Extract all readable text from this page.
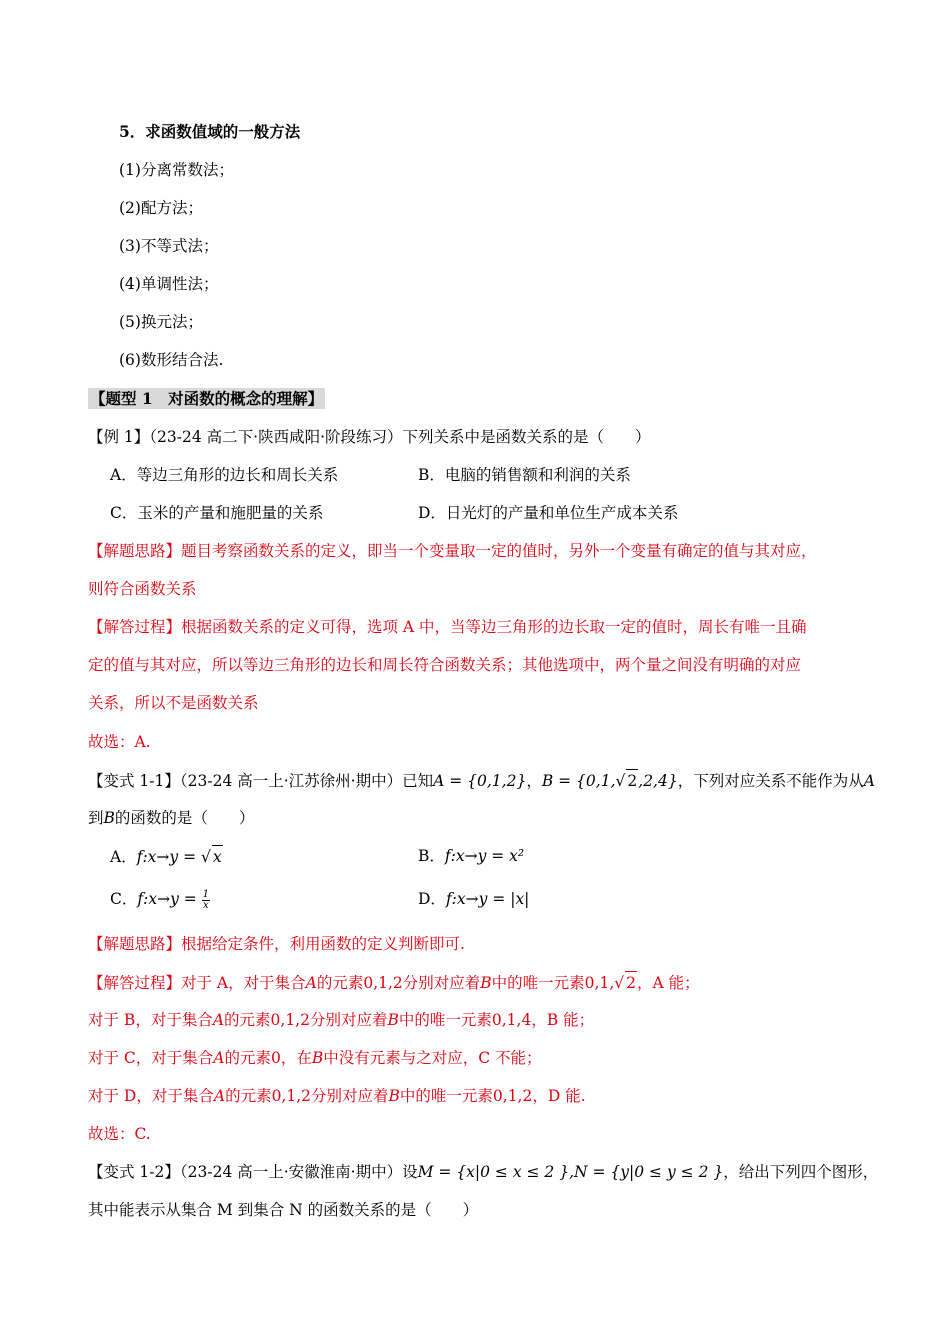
5．求函数值域的一般方法
(1)分离常数法；
(2)配方法；
(3)不等式法；
(4)单调性法；
(5)换元法；
(6)数形结合法.
【题型 1　对函数的概念的理解】
【例 1】（23-24 高二下·陕西咸阳·阶段练习）下列关系中是函数关系的是（　　）
A．等边三角形的边长和周长关系	B．电脑的销售额和利润的关系
C．玉米的产量和施肥量的关系	D．日光灯的产量和单位生产成本关系
【解题思路】题目考察函数关系的定义，即当一个变量取一定的值时，另外一个变量有确定的值与其对应，
则符合函数关系
【解答过程】根据函数关系的定义可得，选项 A 中，当等边三角形的边长取一定的值时，周长有唯一且确
定的值与其对应，所以等边三角形的边长和周长符合函数关系；其他选项中，两个量之间没有明确的对应
关系，所以不是函数关系
故选：A.
【变式 1-1】（23-24 高一上·江苏徐州·期中）已知A = {0,1,2}，B = {0,1,√ 2,2,4}，下列对应关系不能作为从A
到B的函数的是（　　）
A．f:x→y = √ x	B．f:x→y = x²
C．f:x→y = $\frac{1}{x}$	D．f:x→y = |x|
【解题思路】根据给定条件，利用函数的定义判断即可.
【解答过程】对于 A，对于集合A的元素0,1,2分别对应着B中的唯一元素0,1,√ 2，A 能；
对于 B，对于集合A的元素0,1,2分别对应着B中的唯一元素0,1,4，B 能；
对于 C，对于集合A的元素0，在B中没有元素与之对应，C 不能；
对于 D，对于集合A的元素0,1,2分别对应着B中的唯一元素0,1,2，D 能.
故选：C.
【变式 1-2】（23-24 高一上·安徽淮南·期中）设M = {x|0 ≤ x ≤ 2 },N = {y|0 ≤ y ≤ 2 }，给出下列四个图形，
其中能表示从集合 M 到集合 N 的函数关系的是（　　）
